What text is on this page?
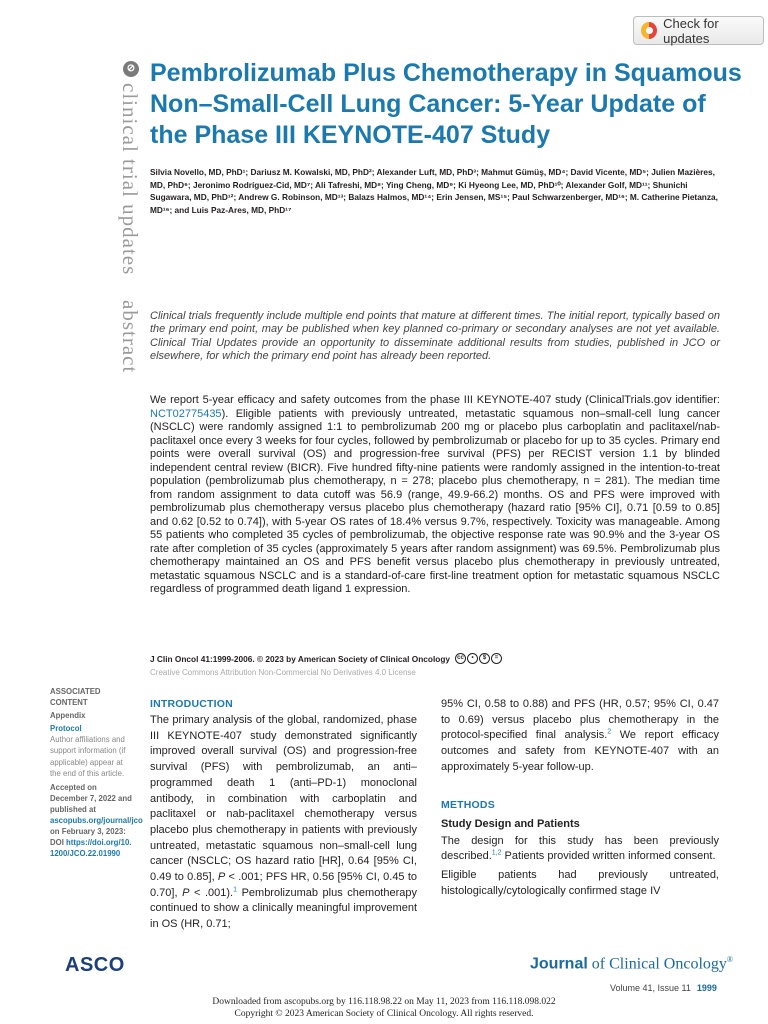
Check for updates
⊘
clinical trial updates
abstract
Pembrolizumab Plus Chemotherapy in Squamous Non–Small-Cell Lung Cancer: 5-Year Update of the Phase III KEYNOTE-407 Study

Silvia Novello, MD, PhD¹; Dariusz M. Kowalski, MD, PhD²; Alexander Luft, MD, PhD³; Mahmut Gümüş, MD⁴; David Vicente, MD⁵; Julien Mazières, MD, PhD⁶; Jeronimo Rodríguez-Cid, MD⁷; Ali Tafreshi, MD⁸; Ying Cheng, MD⁹; Ki Hyeong Lee, MD, PhD¹⁰; Alexander Golf, MD¹¹; Shunichi Sugawara, MD, PhD¹²; Andrew G. Robinson, MD¹³; Balazs Halmos, MD¹⁴; Erin Jensen, MS¹⁵; Paul Schwarzenberger, MD¹⁶; M. Catherine Pietanza, MD¹⁶; and Luis Paz-Ares, MD, PhD¹⁷

Clinical trials frequently include multiple end points that mature at different times. The initial report, typically based on the primary end point, may be published when key planned co-primary or secondary analyses are not yet available. Clinical Trial Updates provide an opportunity to disseminate additional results from studies, published in JCO or elsewhere, for which the primary end point has already been reported.

We report 5-year efficacy and safety outcomes from the phase III KEYNOTE-407 study (ClinicalTrials.gov identifier: NCT02775435). Eligible patients with previously untreated, metastatic squamous non–small-cell lung cancer (NSCLC) were randomly assigned 1:1 to pembrolizumab 200 mg or placebo plus carboplatin and paclitaxel/nab-paclitaxel once every 3 weeks for four cycles, followed by pembrolizumab or placebo for up to 35 cycles. Primary end points were overall survival (OS) and progression-free survival (PFS) per RECIST version 1.1 by blinded independent central review (BICR). Five hundred fifty-nine patients were randomly assigned in the intention-to-treat population (pembrolizumab plus chemotherapy, n = 278; placebo plus chemotherapy, n = 281). The median time from random assignment to data cutoff was 56.9 (range, 49.9-66.2) months. OS and PFS were improved with pembrolizumab plus chemotherapy versus placebo plus chemotherapy (hazard ratio [95% CI], 0.71 [0.59 to 0.85] and 0.62 [0.52 to 0.74]), with 5-year OS rates of 18.4% versus 9.7%, respectively. Toxicity was manageable. Among 55 patients who completed 35 cycles of pembrolizumab, the objective response rate was 90.9% and the 3-year OS rate after completion of 35 cycles (approximately 5 years after random assignment) was 69.5%. Pembrolizumab plus chemotherapy maintained an OS and PFS benefit versus placebo plus chemotherapy in previously untreated, metastatic squamous NSCLC and is a standard-of-care first-line treatment option for metastatic squamous NSCLC regardless of programmed death ligand 1 expression.

J Clin Oncol 41:1999-2006. © 2023 by American Society of Clinical Oncology	cc	•	$	=
Creative Commons Attribution Non-Commercial No Derivatives 4.0 License
ASSOCIATED CONTENT
Appendix
Protocol
Author affiliations and support information (if applicable) appear at the end of this article.
Accepted on December 7, 2022 and published at ascopubs.org/journal/jco on February 3, 2023: DOI https://doi.org/10.1200/JCO.22.01990
INTRODUCTION

The primary analysis of the global, randomized, phase III KEYNOTE-407 study demonstrated significantly improved overall survival (OS) and progression-free survival (PFS) with pembrolizumab, an anti–programmed death 1 (anti–PD-1) monoclonal antibody, in combination with carboplatin and paclitaxel or nab-paclitaxel chemotherapy versus placebo plus chemotherapy in patients with previously untreated, metastatic squamous non–small-cell lung cancer (NSCLC; OS hazard ratio [HR], 0.64 [95% CI, 0.49 to 0.85], P < .001; PFS HR, 0.56 [95% CI, 0.45 to 0.70], P < .001).$^1$ Pembrolizumab plus chemotherapy continued to show a clinically meaningful improvement in OS (HR, 0.71;

95% CI, 0.58 to 0.88) and PFS (HR, 0.57; 95% CI, 0.47 to 0.69) versus placebo plus chemotherapy in the protocol-specified final analysis.$^2$ We report efficacy outcomes and safety from KEYNOTE-407 with an approximately 5-year follow-up.

METHODS
Study Design and Patients

The design for this study has been previously described.$^{1,2}$ Patients provided written informed consent.

Eligible patients had previously untreated, histologically/cytologically confirmed stage IV

ASCO	Journal of Clinical Oncology®
Volume 41, Issue 11 1999
Downloaded from ascopubs.org by 116.118.98.22 on May 11, 2023 from 116.118.098.022
Copyright © 2023 American Society of Clinical Oncology. All rights reserved.
